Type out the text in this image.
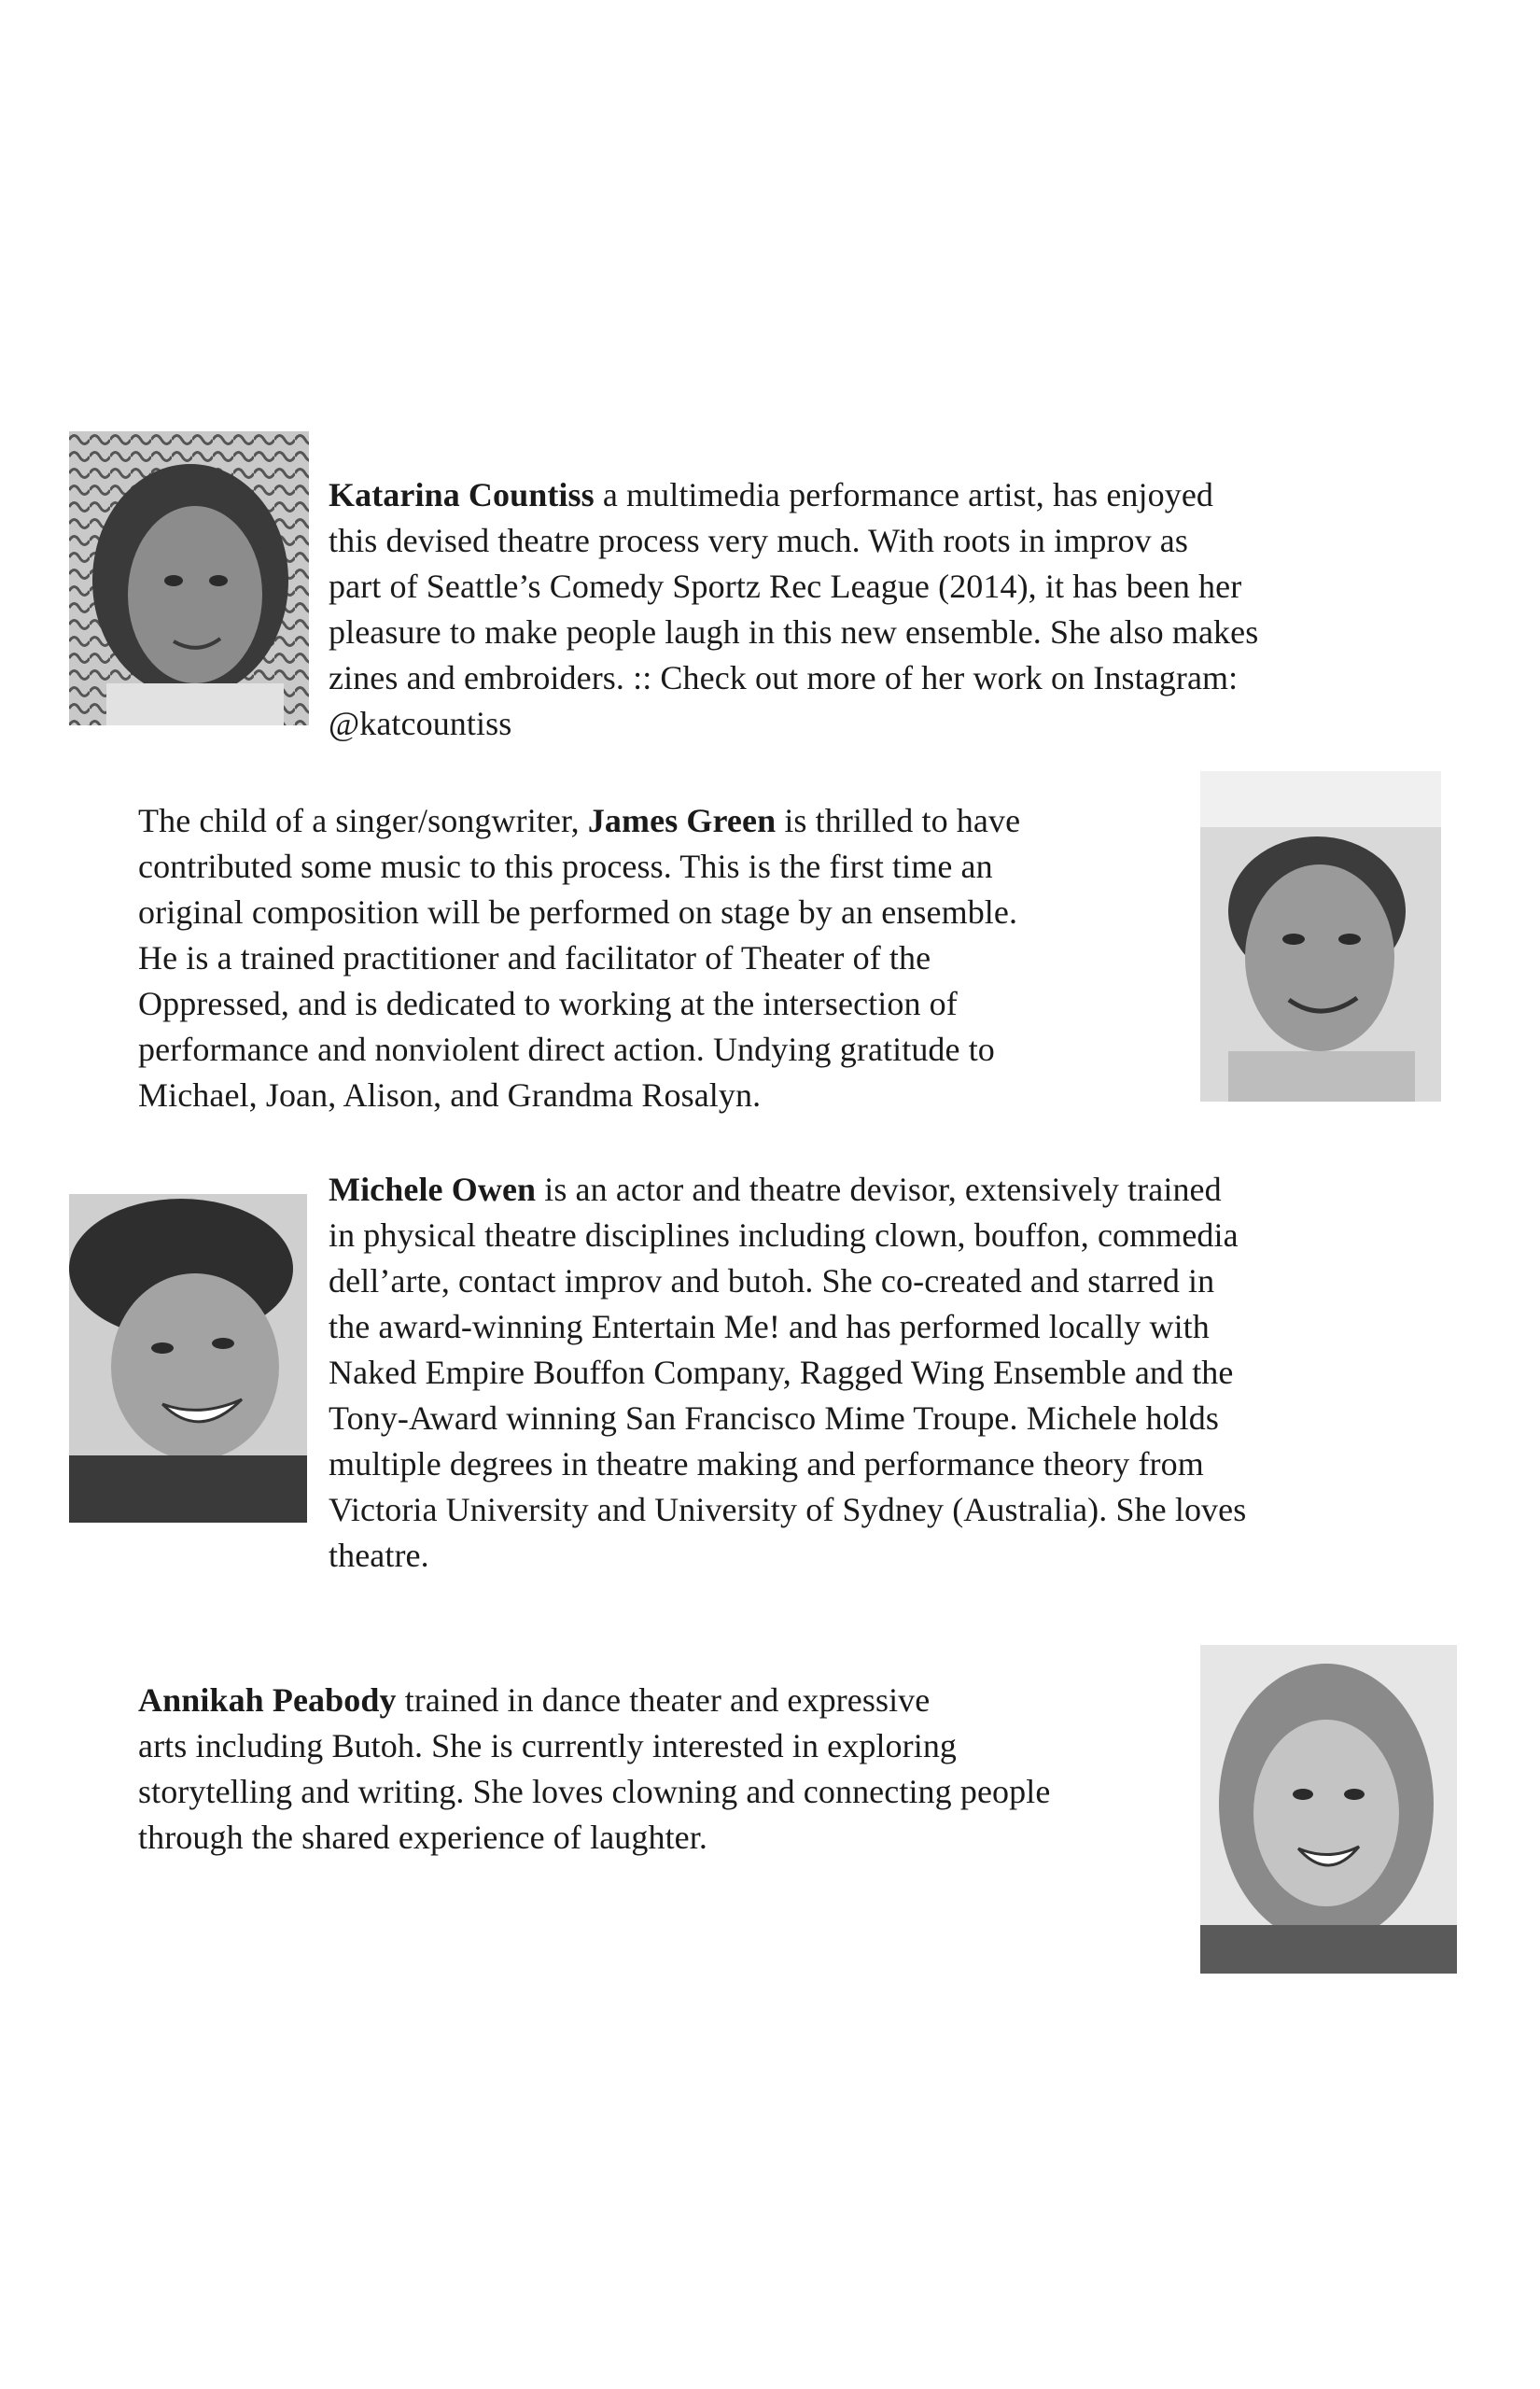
Katarina Countiss a multimedia performance artist, has enjoyed
this devised theatre process very much. With roots in improv as
part of Seattle’s Comedy Sportz Rec League (2014), it has been her
pleasure to make people laugh in this new ensemble. She also makes
zines and embroiders. :: Check out more of her work on Instagram:
@katcountiss

The child of a singer/songwriter, James Green is thrilled to have
contributed some music to this process. This is the first time an
original composition will be performed on stage by an ensemble.
He is a trained practitioner and facilitator of Theater of the
Oppressed, and is dedicated to working at the intersection of
performance and nonviolent direct action. Undying gratitude to
Michael, Joan, Alison, and Grandma Rosalyn.

Michele Owen is an actor and theatre devisor, extensively trained
in physical theatre disciplines including clown, bouffon, commedia
dell’arte, contact improv and butoh. She co-created and starred in
the award-winning Entertain Me! and has performed locally with
Naked Empire Bouffon Company, Ragged Wing Ensemble and the
Tony-Award winning San Francisco Mime Troupe. Michele holds
multiple degrees in theatre making and performance theory from
Victoria University and University of Sydney (Australia). She loves
theatre.

Annikah Peabody trained in dance theater and expressive
arts including Butoh. She is currently interested in exploring
storytelling and writing. She loves clowning and connecting people
through the shared experience of laughter.
